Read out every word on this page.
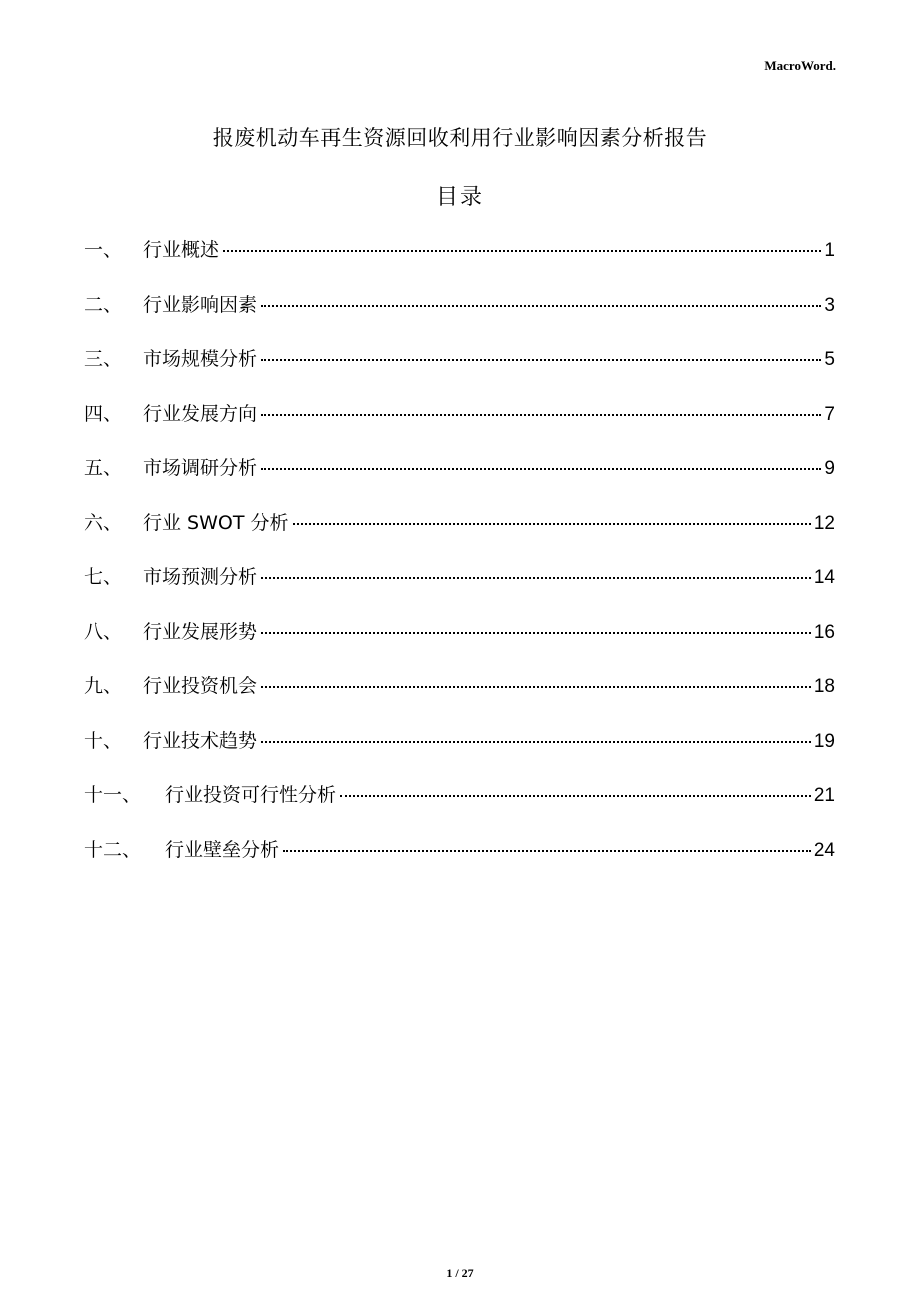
MacroWord.
报废机动车再生资源回收利用行业影响因素分析报告
目录
一、	行业概述	1
二、	行业影响因素	3
三、	市场规模分析	5
四、	行业发展方向	7
五、	市场调研分析	9
六、	行业 SWOT 分析	12
七、	市场预测分析	14
八、	行业发展形势	16
九、	行业投资机会	18
十、	行业技术趋势	19
十一、	行业投资可行性分析	21
十二、	行业壁垒分析	24
1 / 27
